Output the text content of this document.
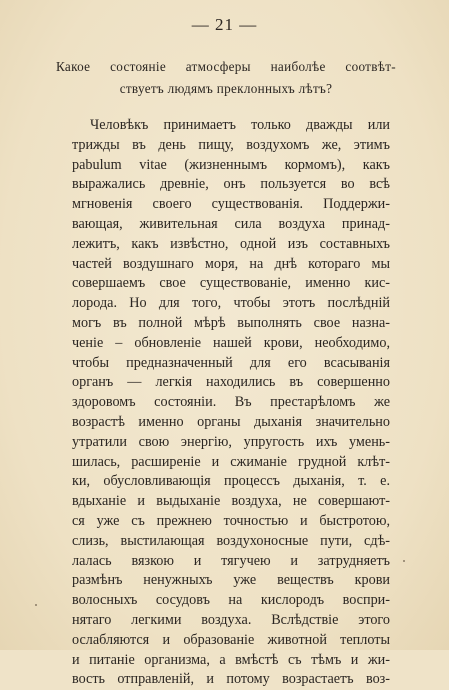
— 21 —
Какое состоянiе атмосферы наиболѣе соотвѣт-
ствуетъ людямъ преклонныхъ лѣтъ?
Человѣкъ принимаетъ только дважды или
трижды въ день пищу, воздухомъ же, этимъ
pabulum vitae (жизненнымъ кормомъ), какъ
выражались древнiе, онъ пользуется во всѣ
мгновенiя своего существованiя. Поддержи-
вающая, живительная сила воздуха принад-
лежитъ, какъ извѣстно, одной изъ составныхъ
частей воздушнаго моря, на днѣ котораго мы
совершаемъ свое существованiе, именно кис-
лорода. Но для того, чтобы этотъ послѣднiй
могъ въ полной мѣрѣ выполнять свое назна-
ченiе – обновленiе нашей крови, необходимо,
чтобы предназначенный для его всасыванiя
органъ — легкiя находились въ совершенно
здоровомъ состоянiи. Въ престарѣломъ же
возрастѣ именно органы дыханiя значительно
утратили свою энергiю, упругость ихъ умень-
шилась, расширенiе и сжиманiе грудной клѣт-
ки, обусловливающiя процессъ дыханiя, т. е.
вдыханiе и выдыханiе воздуха, не совершают-
ся уже съ прежнею точностью и быстротою,
слизь, выстилающая воздухоносные пути, сдѣ-
лалась вязкою и тягучею и затрудняетъ
размѣнъ ненужныхъ уже веществъ крови
волосныхъ сосудовъ на кислородъ воспри-
нятаго легкими воздуха. Вслѣдствiе этого
ослабляются и образованiе животной теплоты
и питанiе организма, а вмѣстѣ съ тѣмъ и жи-
вость отправленiй, и потому возрастаетъ воз-
